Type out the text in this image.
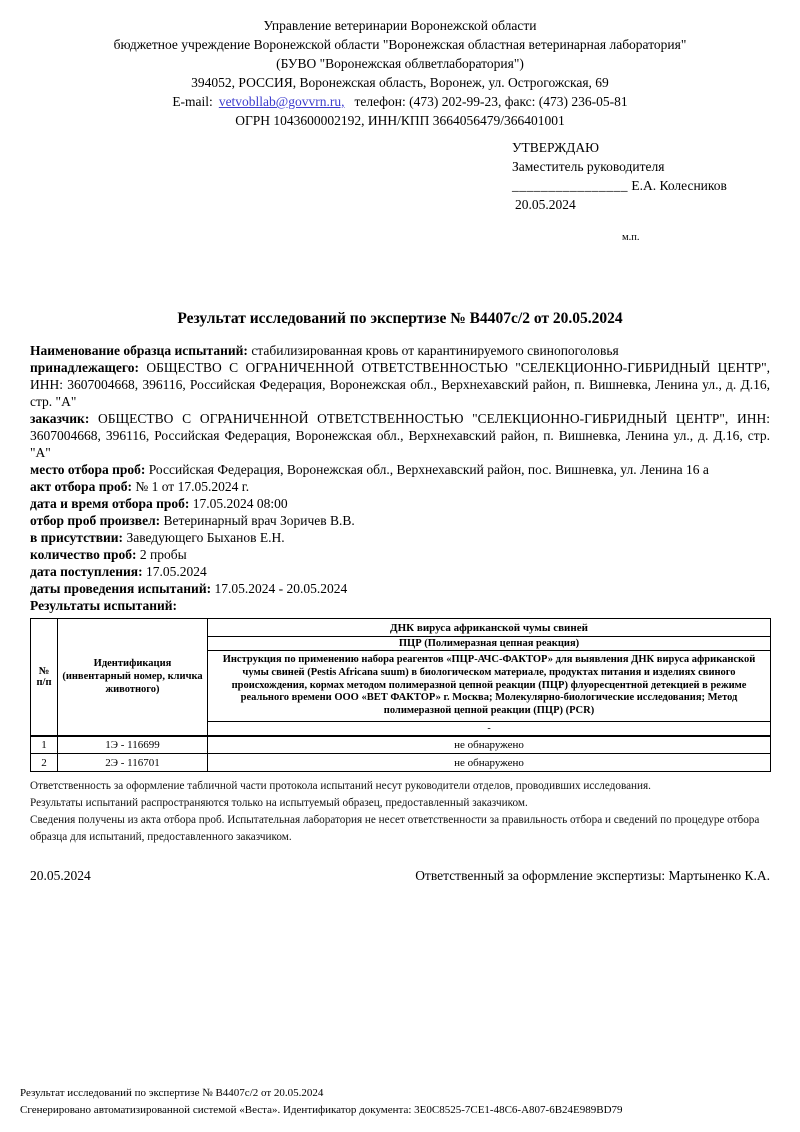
Управление ветеринарии Воронежской области
бюджетное учреждение Воронежской области "Воронежская областная ветеринарная лаборатория"
(БУВО "Воронежская облветлаборатория")
394052, РОССИЯ, Воронежская область, Воронеж, ул. Острогожская, 69
E-mail: vetvobllab@govvrn.ru, телефон: (473) 202-99-23, факс: (473) 236-05-81
ОГРН 1043600002192, ИНН/КПП 3664056479/366401001
УТВЕРЖДАЮ
Заместитель руководителя
________________ Е.А. Колесников
20.05.2024
м.п.
Результат исследований по экспертизе № В4407с/2 от 20.05.2024
Наименование образца испытаний: стабилизированная кровь от карантинируемого свинопоголовья
принадлежащего: ОБЩЕСТВО С ОГРАНИЧЕННОЙ ОТВЕТСТВЕННОСТЬЮ "СЕЛЕКЦИОННО-ГИБРИДНЫЙ ЦЕНТР", ИНН: 3607004668, 396116, Российская Федерация, Воронежская обл., Верхнехавский район, п. Вишневка, Ленина ул., д. Д.16, стр. "А"
заказчик: ОБЩЕСТВО С ОГРАНИЧЕННОЙ ОТВЕТСТВЕННОСТЬЮ "СЕЛЕКЦИОННО-ГИБРИДНЫЙ ЦЕНТР", ИНН: 3607004668, 396116, Российская Федерация, Воронежская обл., Верхнехавский район, п. Вишневка, Ленина ул., д. Д.16, стр. "А"
место отбора проб: Российская Федерация, Воронежская обл., Верхнехавский район, пос. Вишневка, ул. Ленина 16 а
акт отбора проб: № 1 от 17.05.2024 г.
дата и время отбора проб: 17.05.2024 08:00
отбор проб произвел: Ветеринарный врач Зоричев В.В.
в присутствии: Заведующего Быханов Е.Н.
количество проб: 2 пробы
дата поступления: 17.05.2024
даты проведения испытаний: 17.05.2024 - 20.05.2024
Результаты испытаний:
№ п/п	Идентификация (инвентарный номер, кличка животного)	ДНК вируса африканской чумы свиней
		ПЦР (Полимеразная цепная реакция)
		Инструкция по применению набора реагентов «ПЦР-АЧС-ФАКТОР» для выявления ДНК вируса африканской чумы свиней (Pestis Africana suum) в биологическом материале, продуктах питания и изделиях свиного происхождения, кормах методом полимеразной цепной реакции (ПЦР) флуоресцентной детекцией в режиме реального времени ООО «ВЕТ ФАКТОР» г. Москва; Молекулярно-биологические исследования; Метод полимеразной цепной реакции (ПЦР) (PCR)
		-
1	1Э - 116699	не обнаружено
2	2Э - 116701	не обнаружено
Ответственность за оформление табличной части протокола испытаний несут руководители отделов, проводивших исследования.
Результаты испытаний распространяются только на испытуемый образец, предоставленный заказчиком.
Сведения получены из акта отбора проб. Испытательная лаборатория не несет ответственности за правильность отбора и сведений по процедуре отбора образца для испытаний, предоставленного заказчиком.
20.05.2024	Ответственный за оформление экспертизы: Мартыненко К.А.
Результат исследований по экспертизе № В4407с/2 от 20.05.2024
Сгенерировано автоматизированной системой «Веста». Идентификатор документа: 3E0C8525-7CE1-48C6-A807-6B24E989BD79
